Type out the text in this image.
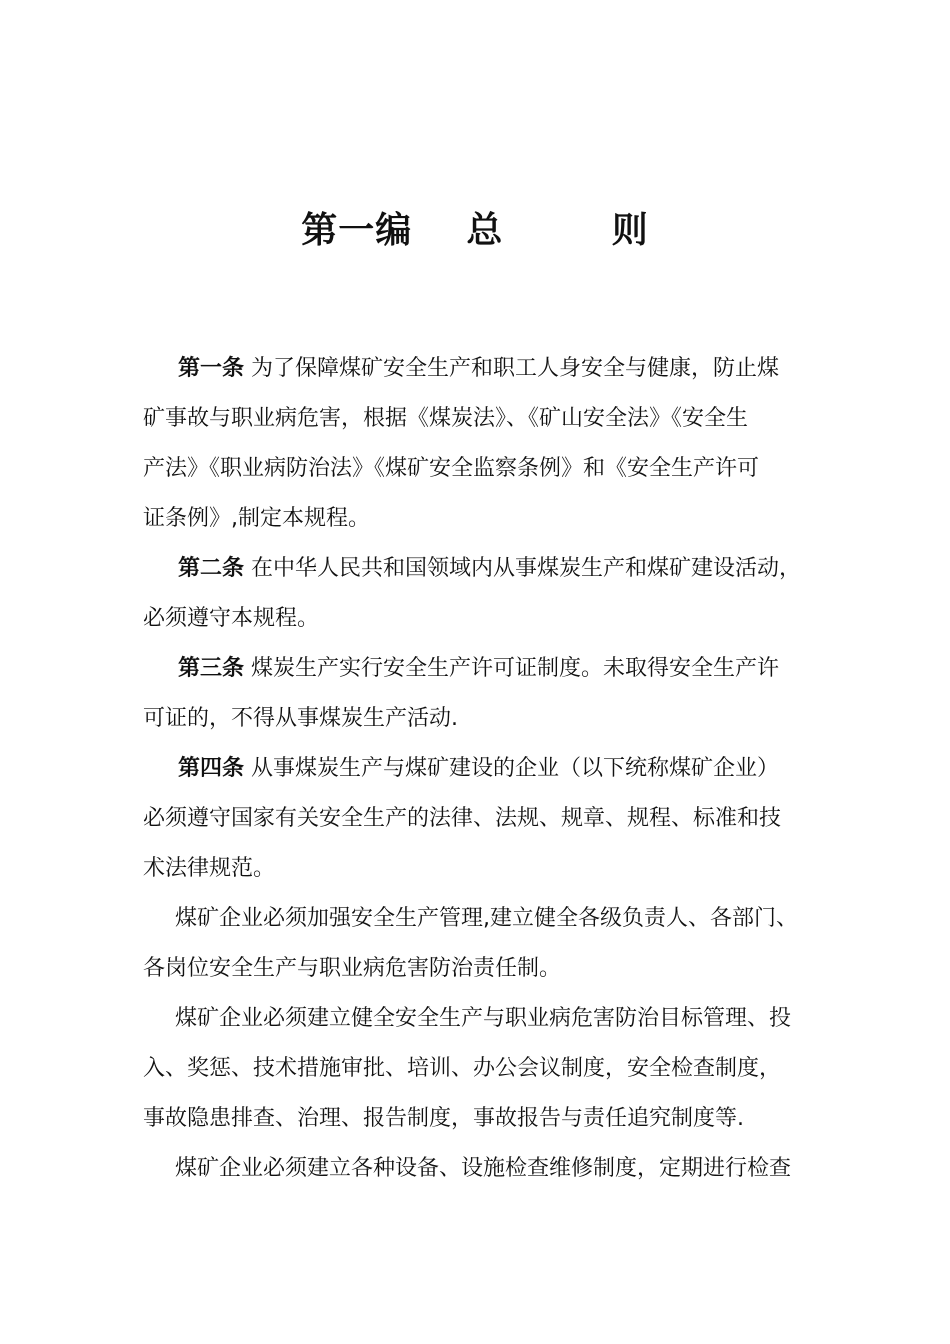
第一编    总        则
第一条 为了保障煤矿安全生产和职工人身安全与健康，防止煤
矿事故与职业病危害，根据《煤炭法》、《矿山安全法》《安全生
产法》《职业病防治法》《煤矿安全监察条例》和《安全生产许可
证条例》,制定本规程。
第二条 在中华人民共和国领域内从事煤炭生产和煤矿建设活动，
必须遵守本规程。
第三条 煤炭生产实行安全生产许可证制度。未取得安全生产许
可证的，不得从事煤炭生产活动.
第四条 从事煤炭生产与煤矿建设的企业（以下统称煤矿企业）
必须遵守国家有关安全生产的法律、法规、规章、规程、标准和技
术法律规范。
煤矿企业必须加强安全生产管理,建立健全各级负责人、各部门、
各岗位安全生产与职业病危害防治责任制。
煤矿企业必须建立健全安全生产与职业病危害防治目标管理、投
入、奖惩、技术措施审批、培训、办公会议制度，安全检查制度，
事故隐患排查、治理、报告制度，事故报告与责任追究制度等.
煤矿企业必须建立各种设备、设施检查维修制度，定期进行检查
